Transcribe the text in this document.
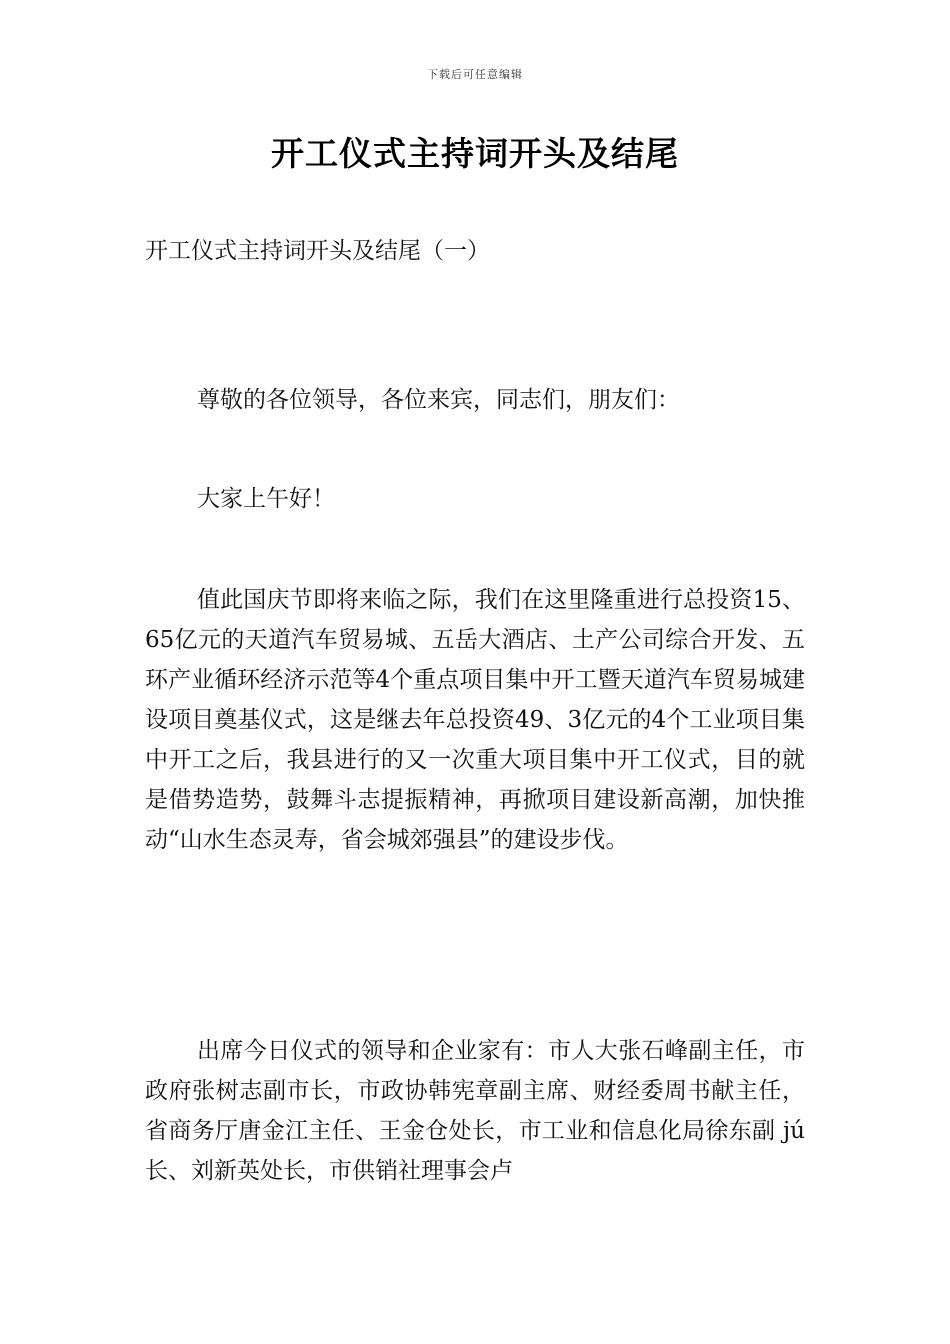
下载后可任意编辑
开工仪式主持词开头及结尾
开工仪式主持词开头及结尾（一）
尊敬的各位领导，各位来宾，同志们，朋友们：
大家上午好！
值此国庆节即将来临之际，我们在这里隆重进行总投资15、65亿元的天道汽车贸易城、五岳大酒店、土产公司综合开发、五环产业循环经济示范等4个重点项目集中开工暨天道汽车贸易城建设项目奠基仪式，这是继去年总投资49、3亿元的4个工业项目集中开工之后，我县进行的又一次重大项目集中开工仪式，目的就是借势造势，鼓舞斗志提振精神，再掀项目建设新高潮，加快推动“山水生态灵寿，省会城郊强县”的建设步伐。
出席今日仪式的领导和企业家有：市人大张石峰副主任，市政府张树志副市长，市政协韩宪章副主席、财经委周书献主任，省商务厅唐金江主任、王金仓处长，市工业和信息化局徐东副 jú 长、刘新英处长，市供销社理事会卢
